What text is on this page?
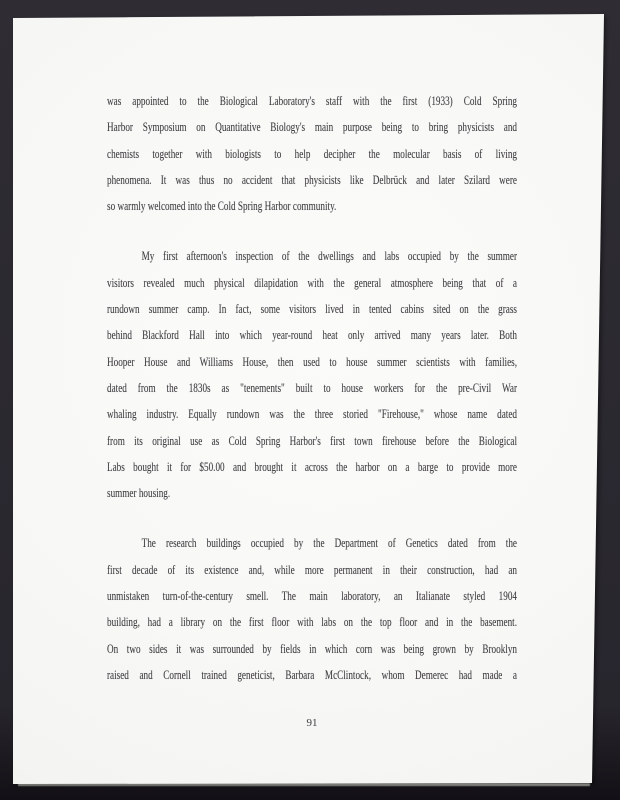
was appointed to the Biological Laboratory's staff with the first (1933) Cold Spring
Harbor Symposium on Quantitative Biology's main purpose being to bring physicists and
chemists together with biologists to help decipher the molecular basis of living
phenomena. It was thus no accident that physicists like Delbrück and later Szilard were
so warmly welcomed into the Cold Spring Harbor community.
My first afternoon's inspection of the dwellings and labs occupied by the summer
visitors revealed much physical dilapidation with the general atmosphere being that of a
rundown summer camp. In fact, some visitors lived in tented cabins sited on the grass
behind Blackford Hall into which year-round heat only arrived many years later. Both
Hooper House and Williams House, then used to house summer scientists with families,
dated from the 1830s as "tenements" built to house workers for the pre-Civil War
whaling industry. Equally rundown was the three storied "Firehouse," whose name dated
from its original use as Cold Spring Harbor's first town firehouse before the Biological
Labs bought it for $50.00 and brought it across the harbor on a barge to provide more
summer housing.
The research buildings occupied by the Department of Genetics dated from the
first decade of its existence and, while more permanent in their construction, had an
unmistaken turn-of-the-century smell. The main laboratory, an Italianate styled 1904
building, had a library on the first floor with labs on the top floor and in the basement.
On two sides it was surrounded by fields in which corn was being grown by Brooklyn
raised and Cornell trained geneticist, Barbara McClintock, whom Demerec had made a
91
